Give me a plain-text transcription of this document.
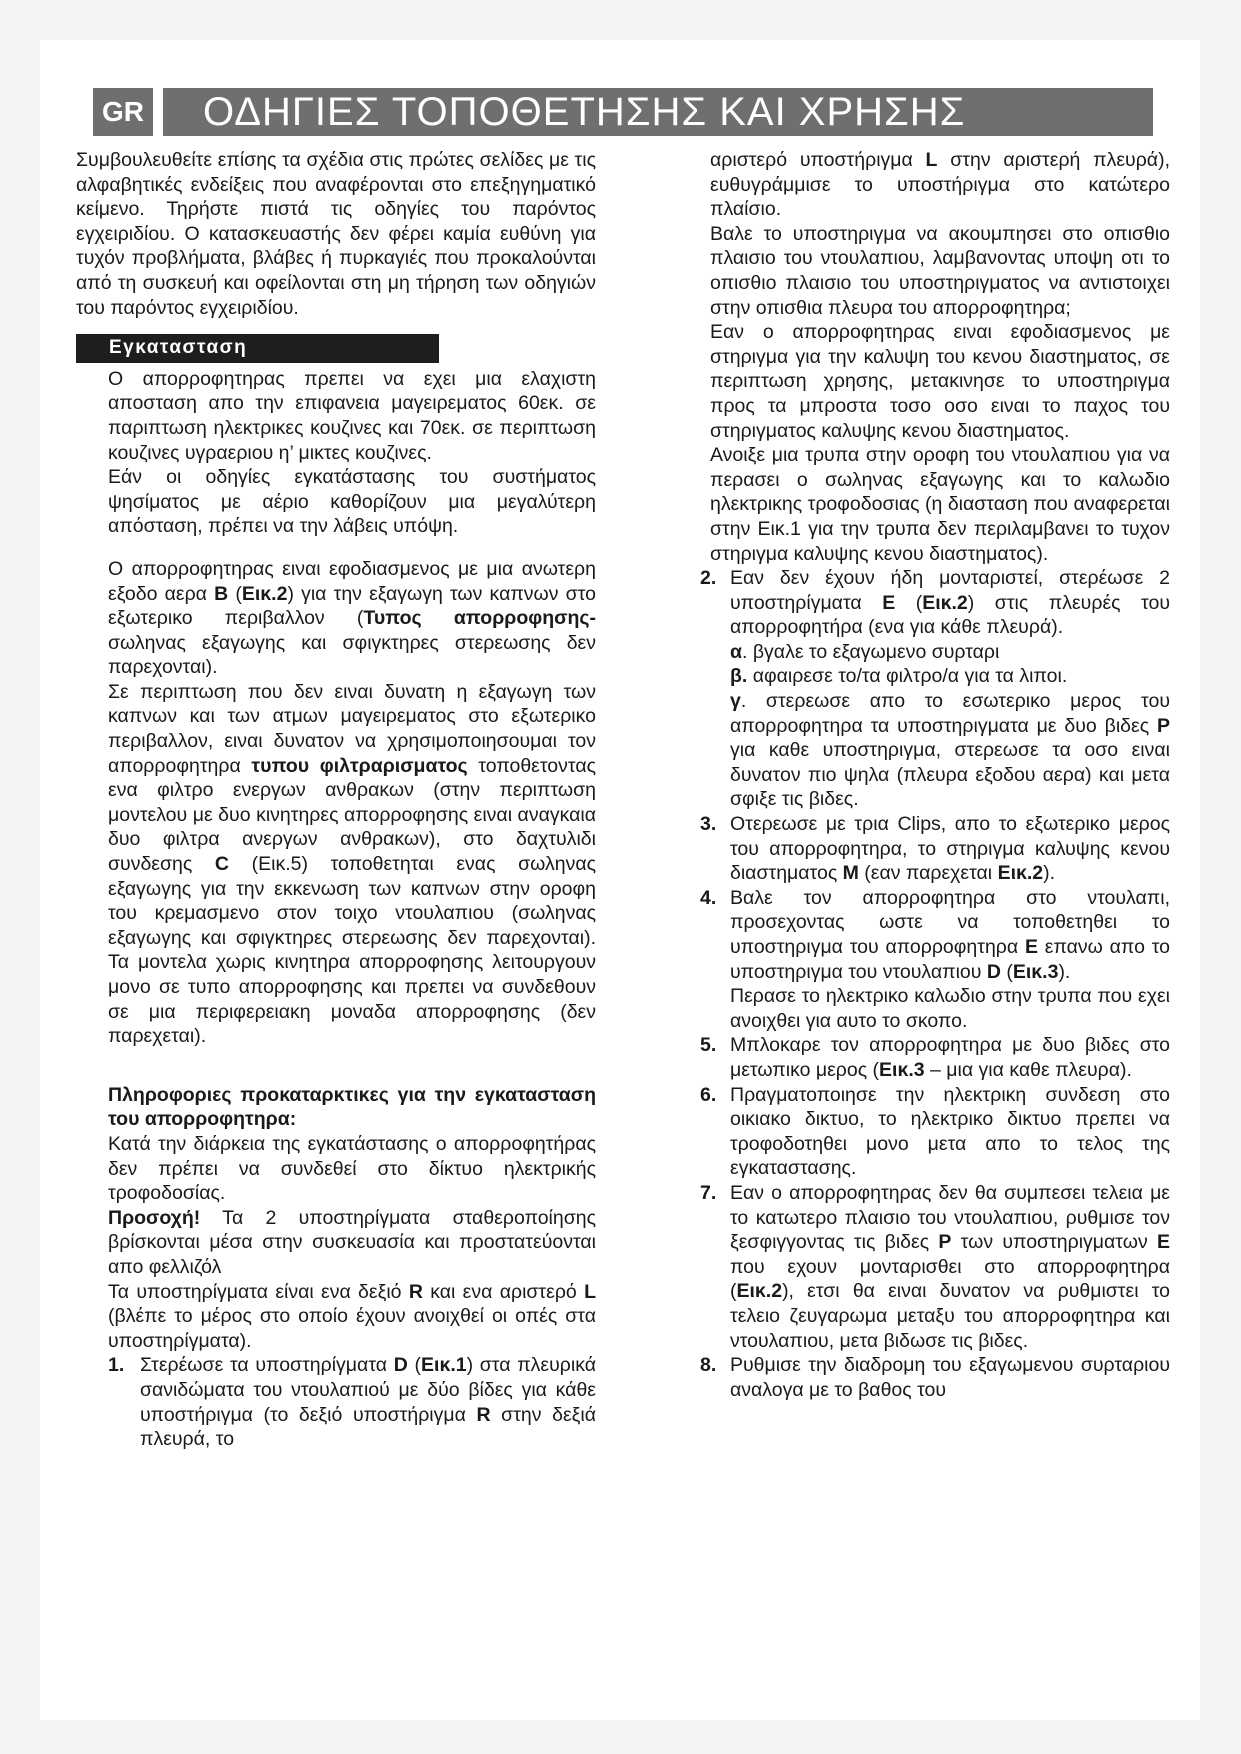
GR	ΟΔΗΓΙΕΣ ΤΟΠΟΘΕΤΗΣΗΣ ΚΑΙ ΧΡΗΣΗΣ

Συμβουλευθείτε επίσης τα σχέδια στις πρώτες σελίδες με τις αλφαβητικές ενδείξεις που αναφέρονται στο επεξηγηματικό κείμενο. Τηρήστε πιστά τις οδηγίες του παρόντος εγχειριδίου. Ο κατασκευαστής δεν φέρει καμία ευθύνη για τυχόν προβλήματα, βλάβες ή πυρκαγιές που προκαλούνται από τη συσκευή και οφείλονται στη μη τήρηση των οδηγιών του παρόντος εγχειριδίου.

Εγκατασταση

Ο απορροφητηρας πρεπει να εχει μια ελαχιστη αποσταση απο την επιφανεια μαγειρεματος 60εκ. σε παριπτωση ηλεκτρικες κουζινες και 70εκ. σε περιπτωση κουζινες υγραεριου η’ μικτες κουζινες.

Εάν οι οδηγίες εγκατάστασης του συστήματος ψησίματος με αέριο καθορίζουν μια μεγαλύτερη απόσταση, πρέπει να την λάβεις υπόψη.

Ο απορροφητηρας ειναι εφοδιασμενος με μια ανωτερη εξοδο αερα B (Εικ.2) για την εξαγωγη των καπνων στο εξωτερικο περιβαλλον (Τυπος απορροφησης- σωληνας εξαγωγης και σφιγκτηρες στερεωσης δεν παρεχονται).

Σε περιπτωση που δεν ειναι δυνατη η εξαγωγη των καπνων και των ατμων μαγειρεματος στο εξωτερικο περιβαλλον, ειναι δυνατον να χρησιμοποιησουμαι τον απορροφητηρα τυπου φιλτραρισματος τοποθετοντας ενα φιλτρο ενεργων ανθρακων (στην περιπτωση μοντελου με δυο κινητηρες απορροφησης ειναι αναγκαια δυο φιλτρα ανεργων ανθρακων), στο δαχτυλιδι συνδεσης C (Εικ.5) τοποθετηται ενας σωληνας εξαγωγης για την εκκενωση των καπνων στην οροφη του κρεμασμενο στον τοιχο ντουλαπιου (σωληνας εξαγωγης και σφιγκτηρες στερεωσης δεν παρεχονται). Τα μοντελα χωρις κινητηρα απορροφησης λειτουργουν μονο σε τυπο απορροφησης και πρεπει να συνδεθουν σε μια περιφερειακη μοναδα απορροφησης (δεν παρεχεται).

Πληροφοριες προκαταρκτικες για την εγκατασταση του απορροφητηρα:

Κατά την διάρκεια της εγκατάστασης ο απορροφητήρας δεν πρέπει να συνδεθεί στο δίκτυο ηλεκτρικής τροφοδοσίας.

Προσοχή! Τα 2 υποστηρίγματα σταθεροποίησης βρίσκονται μέσα στην συσκευασία και προστατεύονται απο φελλιζόλ

Τα υποστηρίγματα είναι ενα δεξιό R και ενα αριστερό L (βλέπε το μέρος στο οποίο έχουν ανοιχθεί οι οπές στα υποστηρίγματα).

1. Στερέωσε τα υποστηρίγματα D (Εικ.1) στα πλευρικά σανιδώματα του ντουλαπιού με δύο βίδες για κάθε υποστήριγμα (το δεξιό υποστήριγμα R στην δεξιά πλευρά, το

αριστερό υποστήριγμα L στην αριστερή πλευρά), ευθυγράμμισε το υποστήριγμα στο κατώτερο πλαίσιο.

Βαλε το υποστηριγμα να ακουμπησει στο οπισθιο πλαισιο του ντουλαπιου, λαμβανοντας υποψη οτι το οπισθιο πλαισιο του υποστηριγματος να αντιστοιχει στην οπισθια πλευρα του απορροφητηρα;

Εαν ο απορροφητηρας ειναι εφοδιασμενος με στηριγμα για την καλυψη του κενου διαστηματος, σε περιπτωση χρησης, μετακινησε το υποστηριγμα προς τα μπροστα τοσο οσο ειναι το παχος του στηριγματος καλυψης κενου διαστηματος.

Ανοιξε μια τρυπα στην οροφη του ντουλαπιου για να περασει ο σωληνας εξαγωγης και το καλωδιο ηλεκτρικης τροφοδοσιας (η διασταση που αναφερεται στην Εικ.1 για την τρυπα δεν περιλαμβανει το τυχον στηριγμα καλυψης κενου διαστηματος).

2. Εαν δεν έχουν ήδη μονταριστεί, στερέωσε 2 υποστηρίγματα E (Εικ.2) στις πλευρές του απορροφητήρα (ενα για κάθε πλευρά).

α. βγαλε το εξαγωμενο συρταρι

β. αφαιρεσε το/τα φιλτρο/α για τα λιποι.

γ. στερεωσε απο το εσωτερικο μερος του απορροφητηρα τα υποστηριγματα με δυο βιδες P για καθε υποστηριγμα, στερεωσε τα οσο ειναι δυνατον πιο ψηλα (πλευρα εξοδου αερα) και μετα σφιξε τις βιδες.

3. Οτερεωσε με τρια Clips, απο το εξωτερικο μερος του απορροφητηρα, το στηριγμα καλυψης κενου διαστηματος M (εαν παρεχεται Εικ.2).

4. Βαλε τον απορροφητηρα στο ντουλαπι, προσεχοντας ωστε να τοποθετηθει το υποστηριγμα του απορροφητηρα E επανω απο το υποστηριγμα του ντουλαπιου D (Εικ.3).

Περασε το ηλεκτρικο καλωδιο στην τρυπα που εχει ανοιχθει για αυτο το σκοπο.

5. Μπλοκαρε τον απορροφητηρα με δυο βιδες στο μετωπικο μερος (Εικ.3 – μια για καθε πλευρα).

6. Πραγματοποιησε την ηλεκτρικη συνδεση στο οικιακο δικτυο, το ηλεκτρικο δικτυο πρεπει να τροφοδοτηθει μονο μετα απο το τελος της εγκαταστασης.

7. Εαν ο απορροφητηρας δεν θα συμπεσει τελεια με το κατωτερο πλαισιο του ντουλαπιου, ρυθμισε τον ξεσφιγγοντας τις βιδες P των υποστηριγματων E που εχουν μονταρισθει στο απορροφητηρα (Εικ.2), ετσι θα ειναι δυνατον να ρυθμιστει το τελειο ζευγαρωμα μεταξυ του απορροφητηρα και ντουλαπιου, μετα βιδωσε τις βιδες.

8. Ρυθμισε την διαδρομη του εξαγωμενου συρταριου αναλογα με το βαθος του
